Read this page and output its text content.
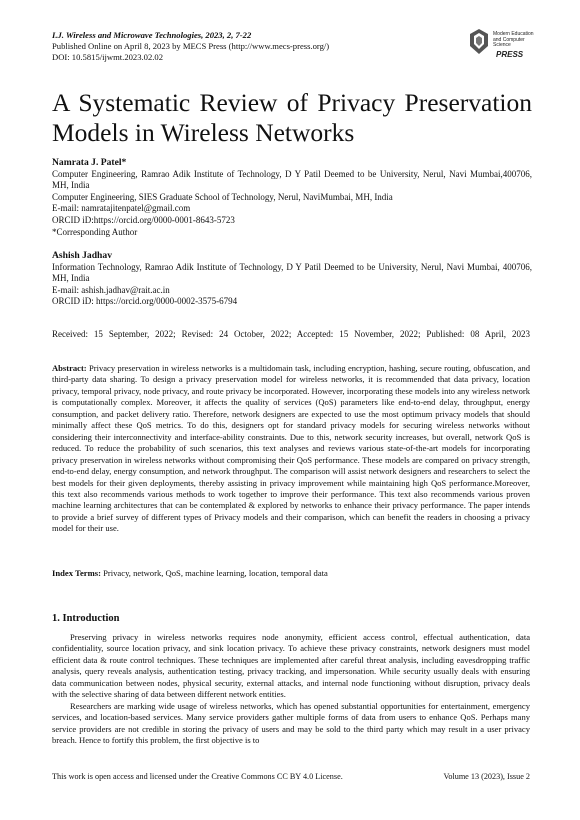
I.J. Wireless and Microwave Technologies, 2023, 2, 7-22
Published Online on April 8, 2023 by MECS Press (http://www.mecs-press.org/)
DOI: 10.5815/ijwmt.2023.02.02
Modern Education and Computer Science
PRESS
A Systematic Review of Privacy Preservation Models in Wireless Networks
Namrata J. Patel*
Computer Engineering, Ramrao Adik Institute of Technology, D Y Patil Deemed to be University, Nerul, Navi Mumbai,400706, MH, India
Computer Engineering, SIES Graduate School of Technology, Nerul, NaviMumbai, MH, India
E-mail: namratajitenpatel@gmail.com
ORCID iD:https://orcid.org/0000-0001-8643-5723
*Corresponding Author
Ashish Jadhav
Information Technology, Ramrao Adik Institute of Technology, D Y Patil Deemed to be University, Nerul, Navi Mumbai, 400706, MH, India
E-mail: ashish.jadhav@rait.ac.in
ORCID iD: https://orcid.org/0000-0002-3575-6794
Received: 15 September, 2022; Revised: 24 October, 2022; Accepted: 15 November, 2022; Published: 08 April, 2023
Abstract: Privacy preservation in wireless networks is a multidomain task, including encryption, hashing, secure routing, obfuscation, and third-party data sharing. To design a privacy preservation model for wireless networks, it is recommended that data privacy, location privacy, temporal privacy, node privacy, and route privacy be incorporated. However, incorporating these models into any wireless network is computationally complex. Moreover, it affects the quality of services (QoS) parameters like end-to-end delay, throughput, energy consumption, and packet delivery ratio. Therefore, network designers are expected to use the most optimum privacy models that should minimally affect these QoS metrics. To do this, designers opt for standard privacy models for securing wireless networks without considering their interconnectivity and interface-ability constraints. Due to this, network security increases, but overall, network QoS is reduced. To reduce the probability of such scenarios, this text analyses and reviews various state-of-the-art models for incorporating privacy preservation in wireless networks without compromising their QoS performance. These models are compared on privacy strength, end-to-end delay, energy consumption, and network throughput. The comparison will assist network designers and researchers to select the best models for their given deployments, thereby assisting in privacy improvement while maintaining high QoS performance.Moreover, this text also recommends various methods to work together to improve their performance. This text also recommends various proven machine learning architectures that can be contemplated & explored by networks to enhance their privacy performance. The paper intends to provide a brief survey of different types of Privacy models and their comparison, which can benefit the readers in choosing a privacy model for their use.
Index Terms: Privacy, network, QoS, machine learning, location, temporal data
1. Introduction

Preserving privacy in wireless networks requires node anonymity, efficient access control, effectual authentication, data confidentiality, source location privacy, and sink location privacy. To achieve these privacy constraints, network designers must model efficient data & route control techniques. These techniques are implemented after careful threat analysis, including eavesdropping traffic analysis, query reveals analysis, authentication testing, privacy tracking, and impersonation. While security usually deals with ensuring data communication between nodes, physical security, external attacks, and internal node functioning without disruption, privacy deals with the selective sharing of data between different network entities.

Researchers are marking wide usage of wireless networks, which has opened substantial opportunities for entertainment, emergency services, and location-based services. Many service providers gather multiple forms of data from users to enhance QoS. Perhaps many service providers are not credible in storing the privacy of users and may be sold to the third party which may result in a user privacy breach. Hence to fortify this problem, the first objective is to

This work is open access and licensed under the Creative Commons CC BY 4.0 License.	Volume 13 (2023), Issue 2
